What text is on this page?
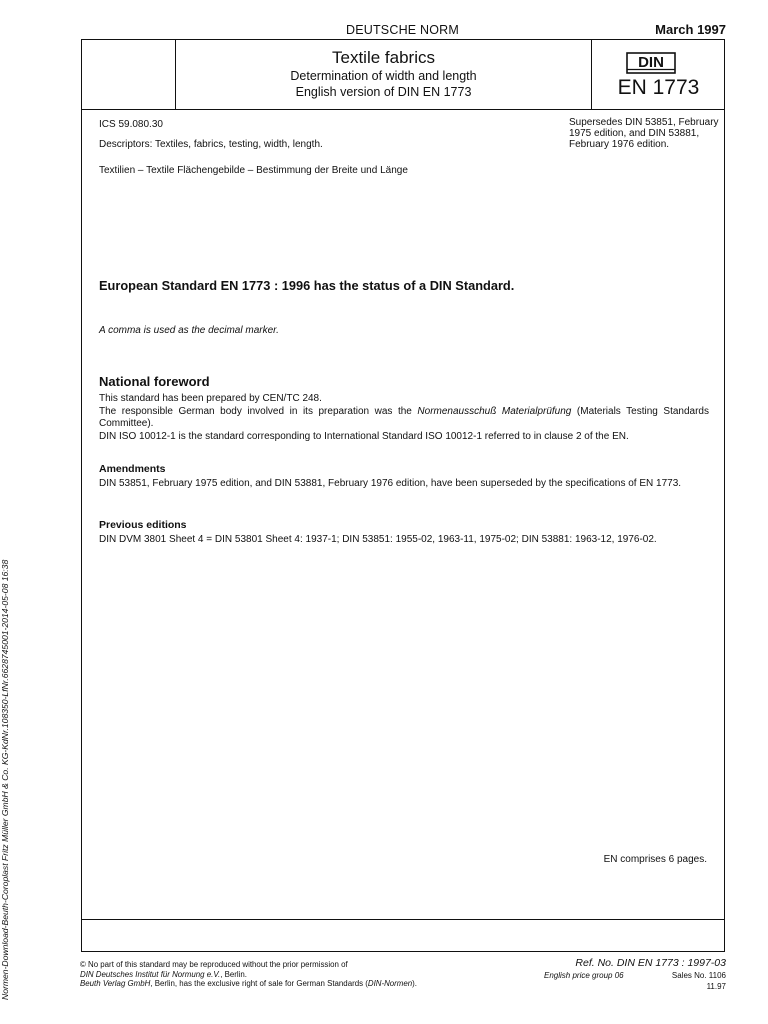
DEUTSCHE NORM	March 1997
Textile fabrics
Determination of width and length
English version of DIN EN 1773
DIN
EN 1773
ICS 59.080.30
Descriptors: Textiles, fabrics, testing, width, length.
Textilien – Textile Flächengebilde – Bestimmung der Breite und Länge
Supersedes DIN 53851, February 1975 edition, and DIN 53881, February 1976 edition.
European Standard EN 1773 : 1996 has the status of a DIN Standard.
A comma is used as the decimal marker.
National foreword
This standard has been prepared by CEN/TC 248.
The responsible German body involved in its preparation was the Normenausschuß Materialprüfung (Materials Testing Standards Committee).
DIN ISO 10012-1 is the standard corresponding to International Standard ISO 10012-1 referred to in clause 2 of the EN.
Amendments
DIN 53851, February 1975 edition, and DIN 53881, February 1976 edition, have been superseded by the specifications of EN 1773.
Previous editions
DIN DVM 3801 Sheet 4 = DIN 53801 Sheet 4: 1937-1; DIN 53851: 1955-02, 1963-11, 1975-02; DIN 53881: 1963-12, 1976-02.
EN comprises 6 pages.
Normen-Download-Beuth-Coroplast Fritz Müller GmbH & Co. KG-KdNr.108350-LfNr.6628745001-2014-05-08 16:38	© No part of this standard may be reproduced without the prior permission of
DIN Deutsches Institut für Normung e.V., Berlin.
Beuth Verlag GmbH, Berlin, has the exclusive right of sale for German Standards (DIN-Normen).
Ref. No. DIN EN 1773 : 1997-03
English price group 06	Sales No. 1106
11.97
